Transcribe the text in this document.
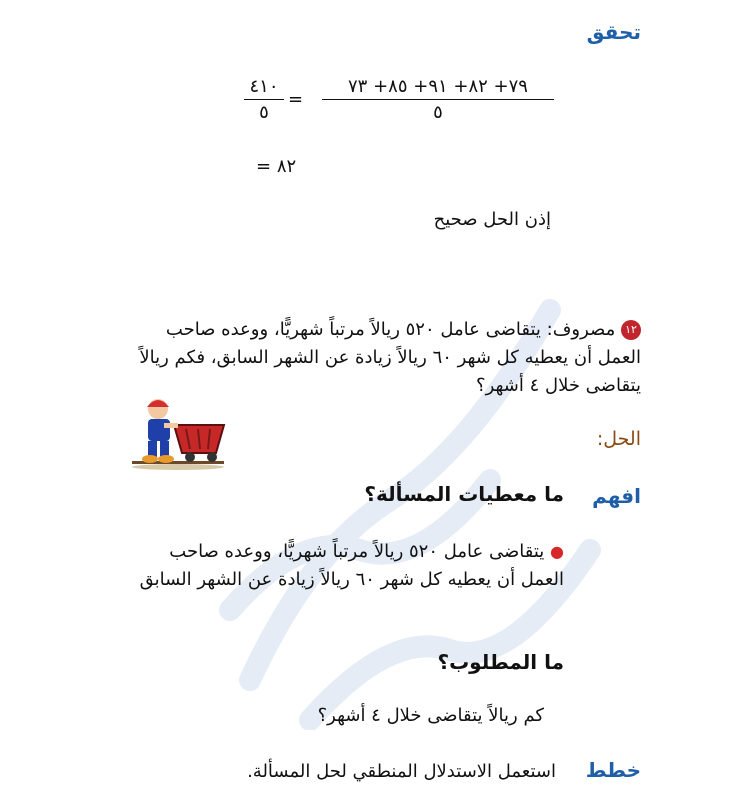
تحقق
٧٩+ ٨٢+ ٩١+ ٨٥+ ٧٣
٥
=
٤١٠
٥
٨٢ =
إذن الحل صحيح
١٢ مصروف: يتقاضى عامل ٥٢٠ ريالاً مرتباً شهريًّا، ووعده صاحب العمل أن يعطيه كل شهر ٦٠ ريالاً زيادة عن الشهر السابق، فكم ريالاً يتقاضى خلال ٤ أشهر؟
الحل:
افهم
ما معطيات المسألة؟
● يتقاضى عامل ٥٢٠ ريالاً مرتباً شهريًّا، ووعده صاحب العمل أن يعطيه كل شهر ٦٠ ريالاً زيادة عن الشهر السابق
ما المطلوب؟
كم ريالاً يتقاضى خلال ٤ أشهر؟
خطط
استعمل الاستدلال المنطقي لحل المسألة.
